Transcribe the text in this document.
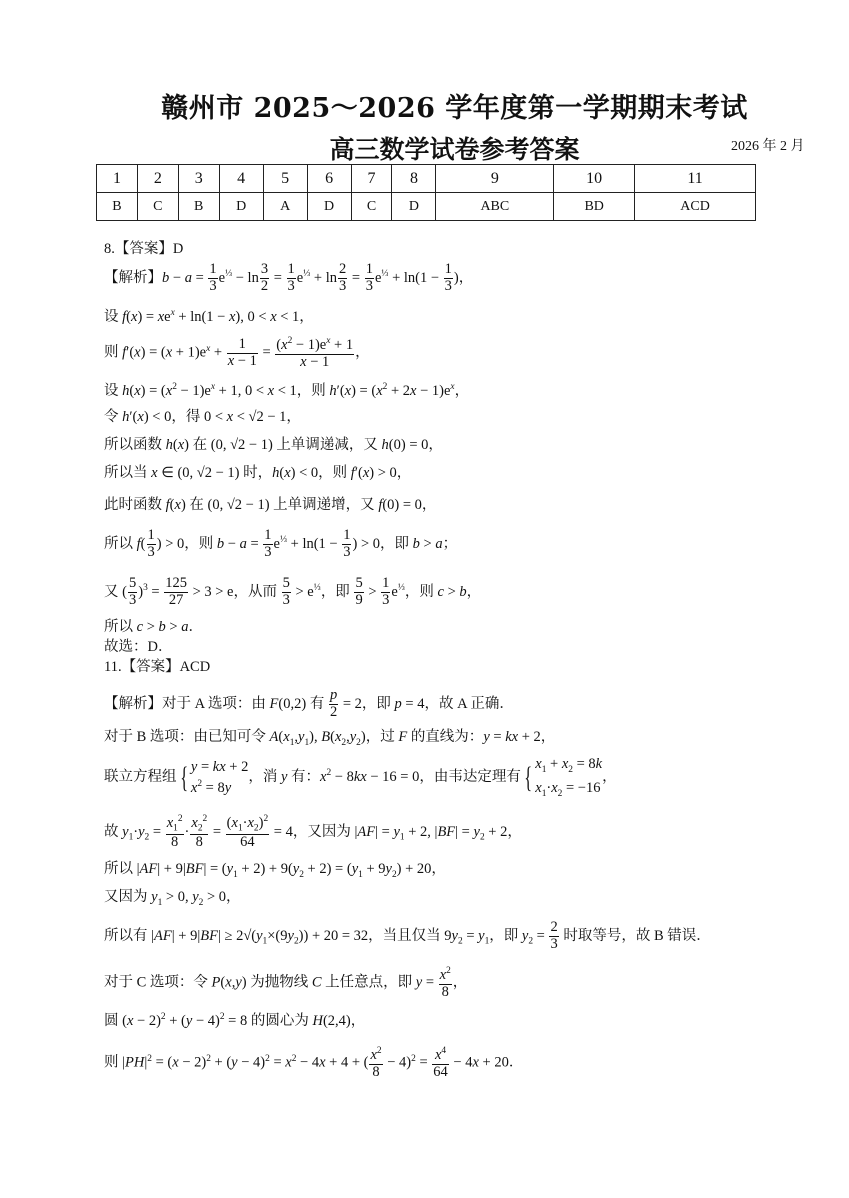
赣州市 2025～2026 学年度第一学期期末考试
高三数学试卷参考答案	2026 年 2 月
1	2	3	4	5	6	7	8	9	10	11
B	C	B	D	A	D	C	D	ABC	BD	ACD
8.【答案】D
【解析】$b - a = \frac{1}{3} e^{\frac{1}{3}} - \ln \frac{3}{2} = \frac{1}{3} e^{\frac{1}{3}} + \ln \frac{2}{3} = \frac{1}{3} e^{\frac{1}{3}} + \ln(1 - \frac{1}{3}$ )，
设 $f(x) = xe^x + \ln(1 - x)$, 0 < x < 1，
则 $f'(x) = (x + 1)e^x + \frac{1}{x - 1} = \frac{(x^2 - 1)e^x + 1}{x - 1}$ ，
设 $h(x) = (x^2 - 1)e^x + 1$, 0 < x < 1，则 $h'(x) = (x^2 + 2x - 1)e^x$，
令 h′(x) < 0，得 0 < x < √2 − 1，
所以函数 h(x) 在 (0, √2 − 1) 上单调递减，又 h(0) = 0，
所以当 x ∈ (0, √2 − 1) 时，h(x) < 0，则 f′(x) > 0，
此时函数 f(x) 在 (0, √2 − 1) 上单调递增，又 f(0) = 0，
所以 $f( \frac{1}{3}$ ) > 0，则 $b - a = \frac{1}{3} e^{\frac{1}{3}} + \ln(1 - \frac{1}{3}$ ) > 0，即 b > a；
又 ( $\frac{5}{3} )^3 = \frac{125}{27} > 3 > e$，从而 $\frac{5}{3} > e^{\frac{1}{3}}$，即 $\frac{5}{9} > \frac{1}{3} e^{\frac{1}{3}}$，则 c > b，
所以 c > b > a．
故选：D．
11.【答案】ACD
【解析】对于 A 选项：由 F(0,2) 有 $\frac{p}{2} = 2$，即 p = 4，故 A 正确．
对于 B 选项：由已知可令 $A(x_1,y_1)$, $B(x_2,y_2)$，过 F 的直线为：y = kx + 2，
联立方程组 { y = kx + 2
$x^2 = 8y$，消 y 有：$x^2 - 8kx - 16 = 0$，由韦达定理有 { $x_1 + x_2 = 8k$
$x_1\cdot x_2 = -16$，
故 $y_1\cdot y_2 = \frac{x_1^2}{8} \cdot \frac{x_2^2}{8} = \frac{(x_1\cdot x_2)^2}{64} = 4$，又因为 $|AF| = y_1 + 2$, $|BF| = y_2 + 2$，
所以 $|AF| + 9|BF| = (y_1 + 2) + 9(y_2 + 2) = (y_1 + 9y_2) + 20$，
又因为 $y_1 > 0$, $y_2 > 0$，
所以有 $|AF| + 9|BF| \ge 2√(y_1\times(9y_2)) + 20 = 32$，当且仅当 $9y_2 = y_1$，即 $y_2 = \frac{2}{3}$ 时取等号，故 B 错误．
对于 C 选项：令 P(x,y) 为抛物线 C 上任意点，即 $y = \frac{x^2}{8}$ ，
圆 $(x - 2)^2 + (y - 4)^2 = 8$ 的圆心为 H(2,4)，
则 $|PH|^2 = (x - 2)^2 + (y - 4)^2 = x^2 - 4x + 4$ + ( $\frac{x^2}{8} - 4)^2 = \frac{x^4}{64} - 4x + 20$．
